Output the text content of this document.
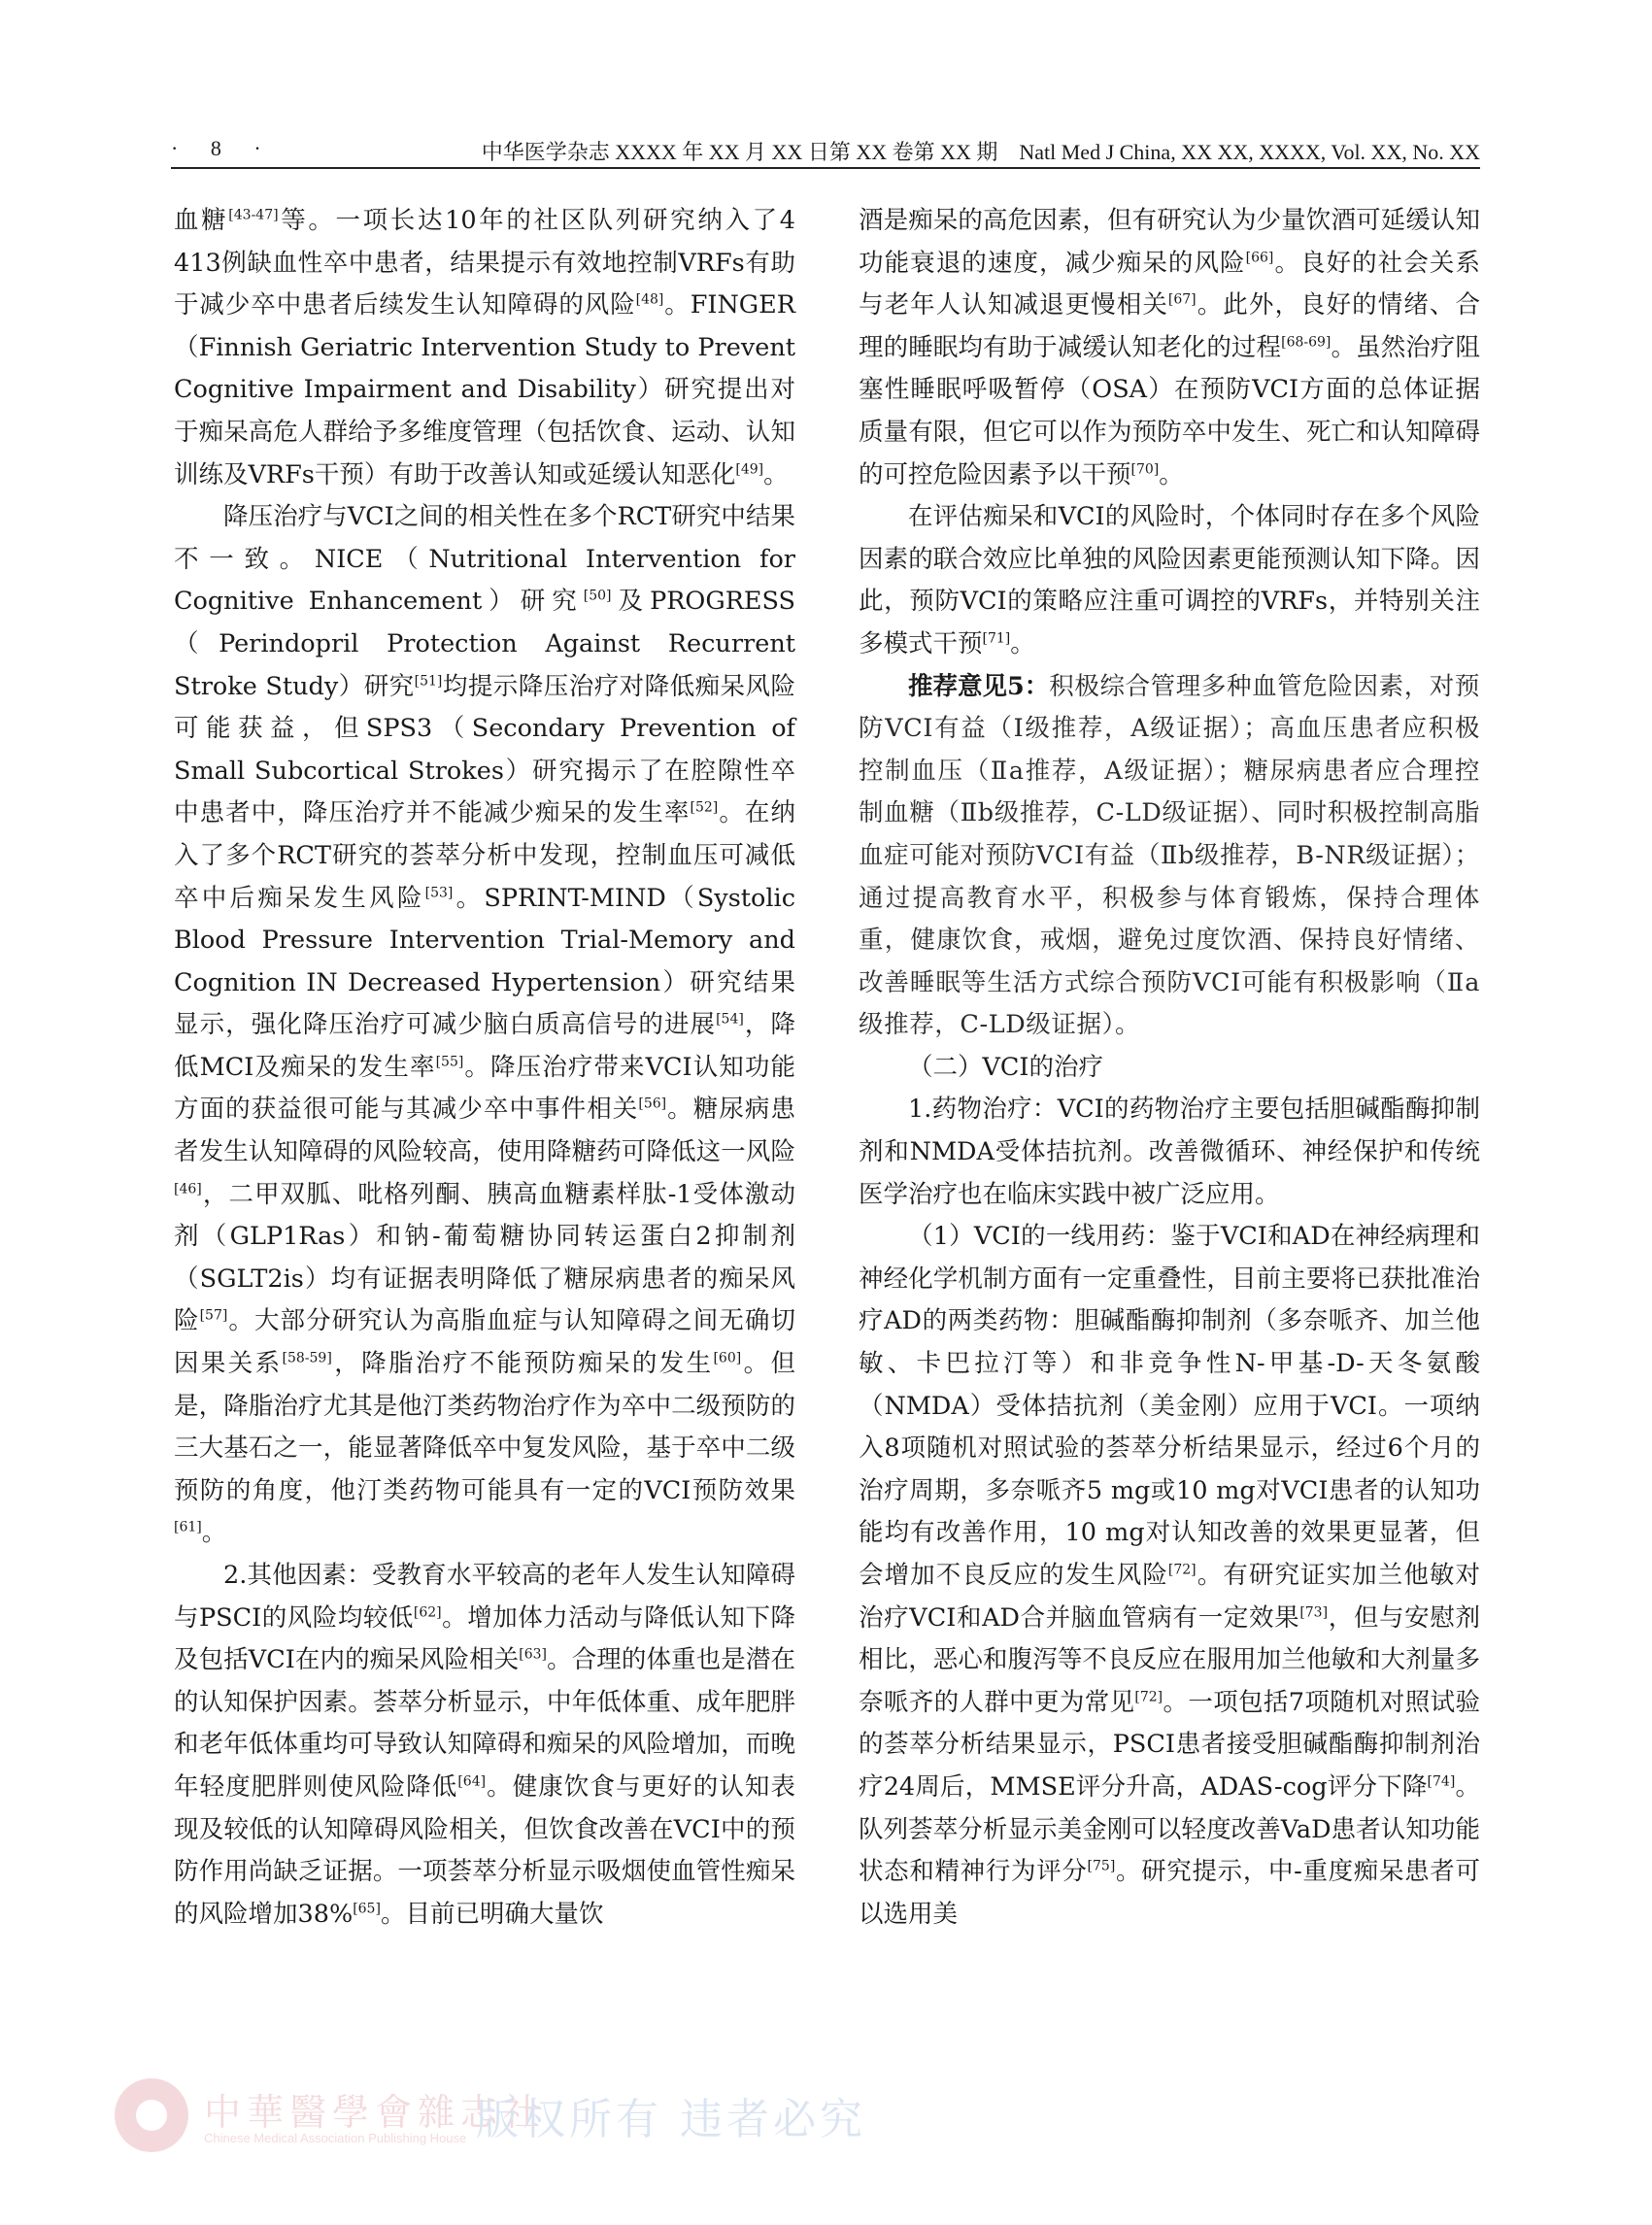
· 8 ·	中华医学杂志 XXXX 年 XX 月 XX 日第 XX 卷第 XX 期　Natl Med J China, XX XX, XXXX, Vol. XX, No. XX

血糖[43-47]等。一项长达10年的社区队列研究纳入了4 413例缺血性卒中患者，结果提示有效地控制VRFs有助于减少卒中患者后续发生认知障碍的风险[48]。FINGER（Finnish Geriatric Intervention Study to Prevent Cognitive Impairment and Disability）研究提出对于痴呆高危人群给予多维度管理（包括饮食、运动、认知训练及VRFs干预）有助于改善认知或延缓认知恶化[49]。

降压治疗与VCI之间的相关性在多个RCT研究中结果不一致。NICE（Nutritional Intervention for Cognitive Enhancement）研究[50]及PROGRESS（Perindopril Protection Against Recurrent Stroke Study）研究[51]均提示降压治疗对降低痴呆风险可能获益，但SPS3（Secondary Prevention of Small Subcortical Strokes）研究揭示了在腔隙性卒中患者中，降压治疗并不能减少痴呆的发生率[52]。在纳入了多个RCT研究的荟萃分析中发现，控制血压可减低卒中后痴呆发生风险[53]。SPRINT-MIND（Systolic Blood Pressure Intervention Trial-Memory and Cognition IN Decreased Hypertension）研究结果显示，强化降压治疗可减少脑白质高信号的进展[54]，降低MCI及痴呆的发生率[55]。降压治疗带来VCI认知功能方面的获益很可能与其减少卒中事件相关[56]。糖尿病患者发生认知障碍的风险较高，使用降糖药可降低这一风险[46]，二甲双胍、吡格列酮、胰高血糖素样肽-1受体激动剂（GLP1Ras）和钠-葡萄糖协同转运蛋白2抑制剂（SGLT2is）均有证据表明降低了糖尿病患者的痴呆风险[57]。大部分研究认为高脂血症与认知障碍之间无确切因果关系[58-59]，降脂治疗不能预防痴呆的发生[60]。但是，降脂治疗尤其是他汀类药物治疗作为卒中二级预防的三大基石之一，能显著降低卒中复发风险，基于卒中二级预防的角度，他汀类药物可能具有一定的VCI预防效果[61]。

2.其他因素：受教育水平较高的老年人发生认知障碍与PSCI的风险均较低[62]。增加体力活动与降低认知下降及包括VCI在内的痴呆风险相关[63]。合理的体重也是潜在的认知保护因素。荟萃分析显示，中年低体重、成年肥胖和老年低体重均可导致认知障碍和痴呆的风险增加，而晚年轻度肥胖则使风险降低[64]。健康饮食与更好的认知表现及较低的认知障碍风险相关，但饮食改善在VCI中的预防作用尚缺乏证据。一项荟萃分析显示吸烟使血管性痴呆的风险增加38%[65]。目前已明确大量饮

酒是痴呆的高危因素，但有研究认为少量饮酒可延缓认知功能衰退的速度，减少痴呆的风险[66]。良好的社会关系与老年人认知减退更慢相关[67]。此外，良好的情绪、合理的睡眠均有助于减缓认知老化的过程[68-69]。虽然治疗阻塞性睡眠呼吸暂停（OSA）在预防VCI方面的总体证据质量有限，但它可以作为预防卒中发生、死亡和认知障碍的可控危险因素予以干预[70]。

在评估痴呆和VCI的风险时，个体同时存在多个风险因素的联合效应比单独的风险因素更能预测认知下降。因此，预防VCI的策略应注重可调控的VRFs，并特别关注多模式干预[71]。

推荐意见5：积极综合管理多种血管危险因素，对预防VCI有益（Ⅰ级推荐，A级证据）；高血压患者应积极控制血压（Ⅱa推荐，A级证据）；糖尿病患者应合理控制血糖（Ⅱb级推荐，C-LD级证据）、同时积极控制高脂血症可能对预防VCI有益（Ⅱb级推荐，B-NR级证据）；通过提高教育水平，积极参与体育锻炼，保持合理体重，健康饮食，戒烟，避免过度饮酒、保持良好情绪、改善睡眠等生活方式综合预防VCI可能有积极影响（Ⅱa级推荐，C-LD级证据）。

（二）VCI的治疗

1.药物治疗：VCI的药物治疗主要包括胆碱酯酶抑制剂和NMDA受体拮抗剂。改善微循环、神经保护和传统医学治疗也在临床实践中被广泛应用。

（1）VCI的一线用药：鉴于VCI和AD在神经病理和神经化学机制方面有一定重叠性，目前主要将已获批准治疗AD的两类药物：胆碱酯酶抑制剂（多奈哌齐、加兰他敏、卡巴拉汀等）和非竞争性N-甲基-D-天冬氨酸（NMDA）受体拮抗剂（美金刚）应用于VCI。一项纳入8项随机对照试验的荟萃分析结果显示，经过6个月的治疗周期，多奈哌齐5 mg或10 mg对VCI患者的认知功能均有改善作用，10 mg对认知改善的效果更显著，但会增加不良反应的发生风险[72]。有研究证实加兰他敏对治疗VCI和AD合并脑血管病有一定效果[73]，但与安慰剂相比，恶心和腹泻等不良反应在服用加兰他敏和大剂量多奈哌齐的人群中更为常见[72]。一项包括7项随机对照试验的荟萃分析结果显示，PSCI患者接受胆碱酯酶抑制剂治疗24周后，MMSE评分升高，ADAS-cog评分下降[74]。队列荟萃分析显示美金刚可以轻度改善VaD患者认知功能状态和精神行为评分[75]。研究提示，中-重度痴呆患者可以选用美

中華醫學會雜志社
Chinese Medical Association Publishing House 版权所有 违者必究
